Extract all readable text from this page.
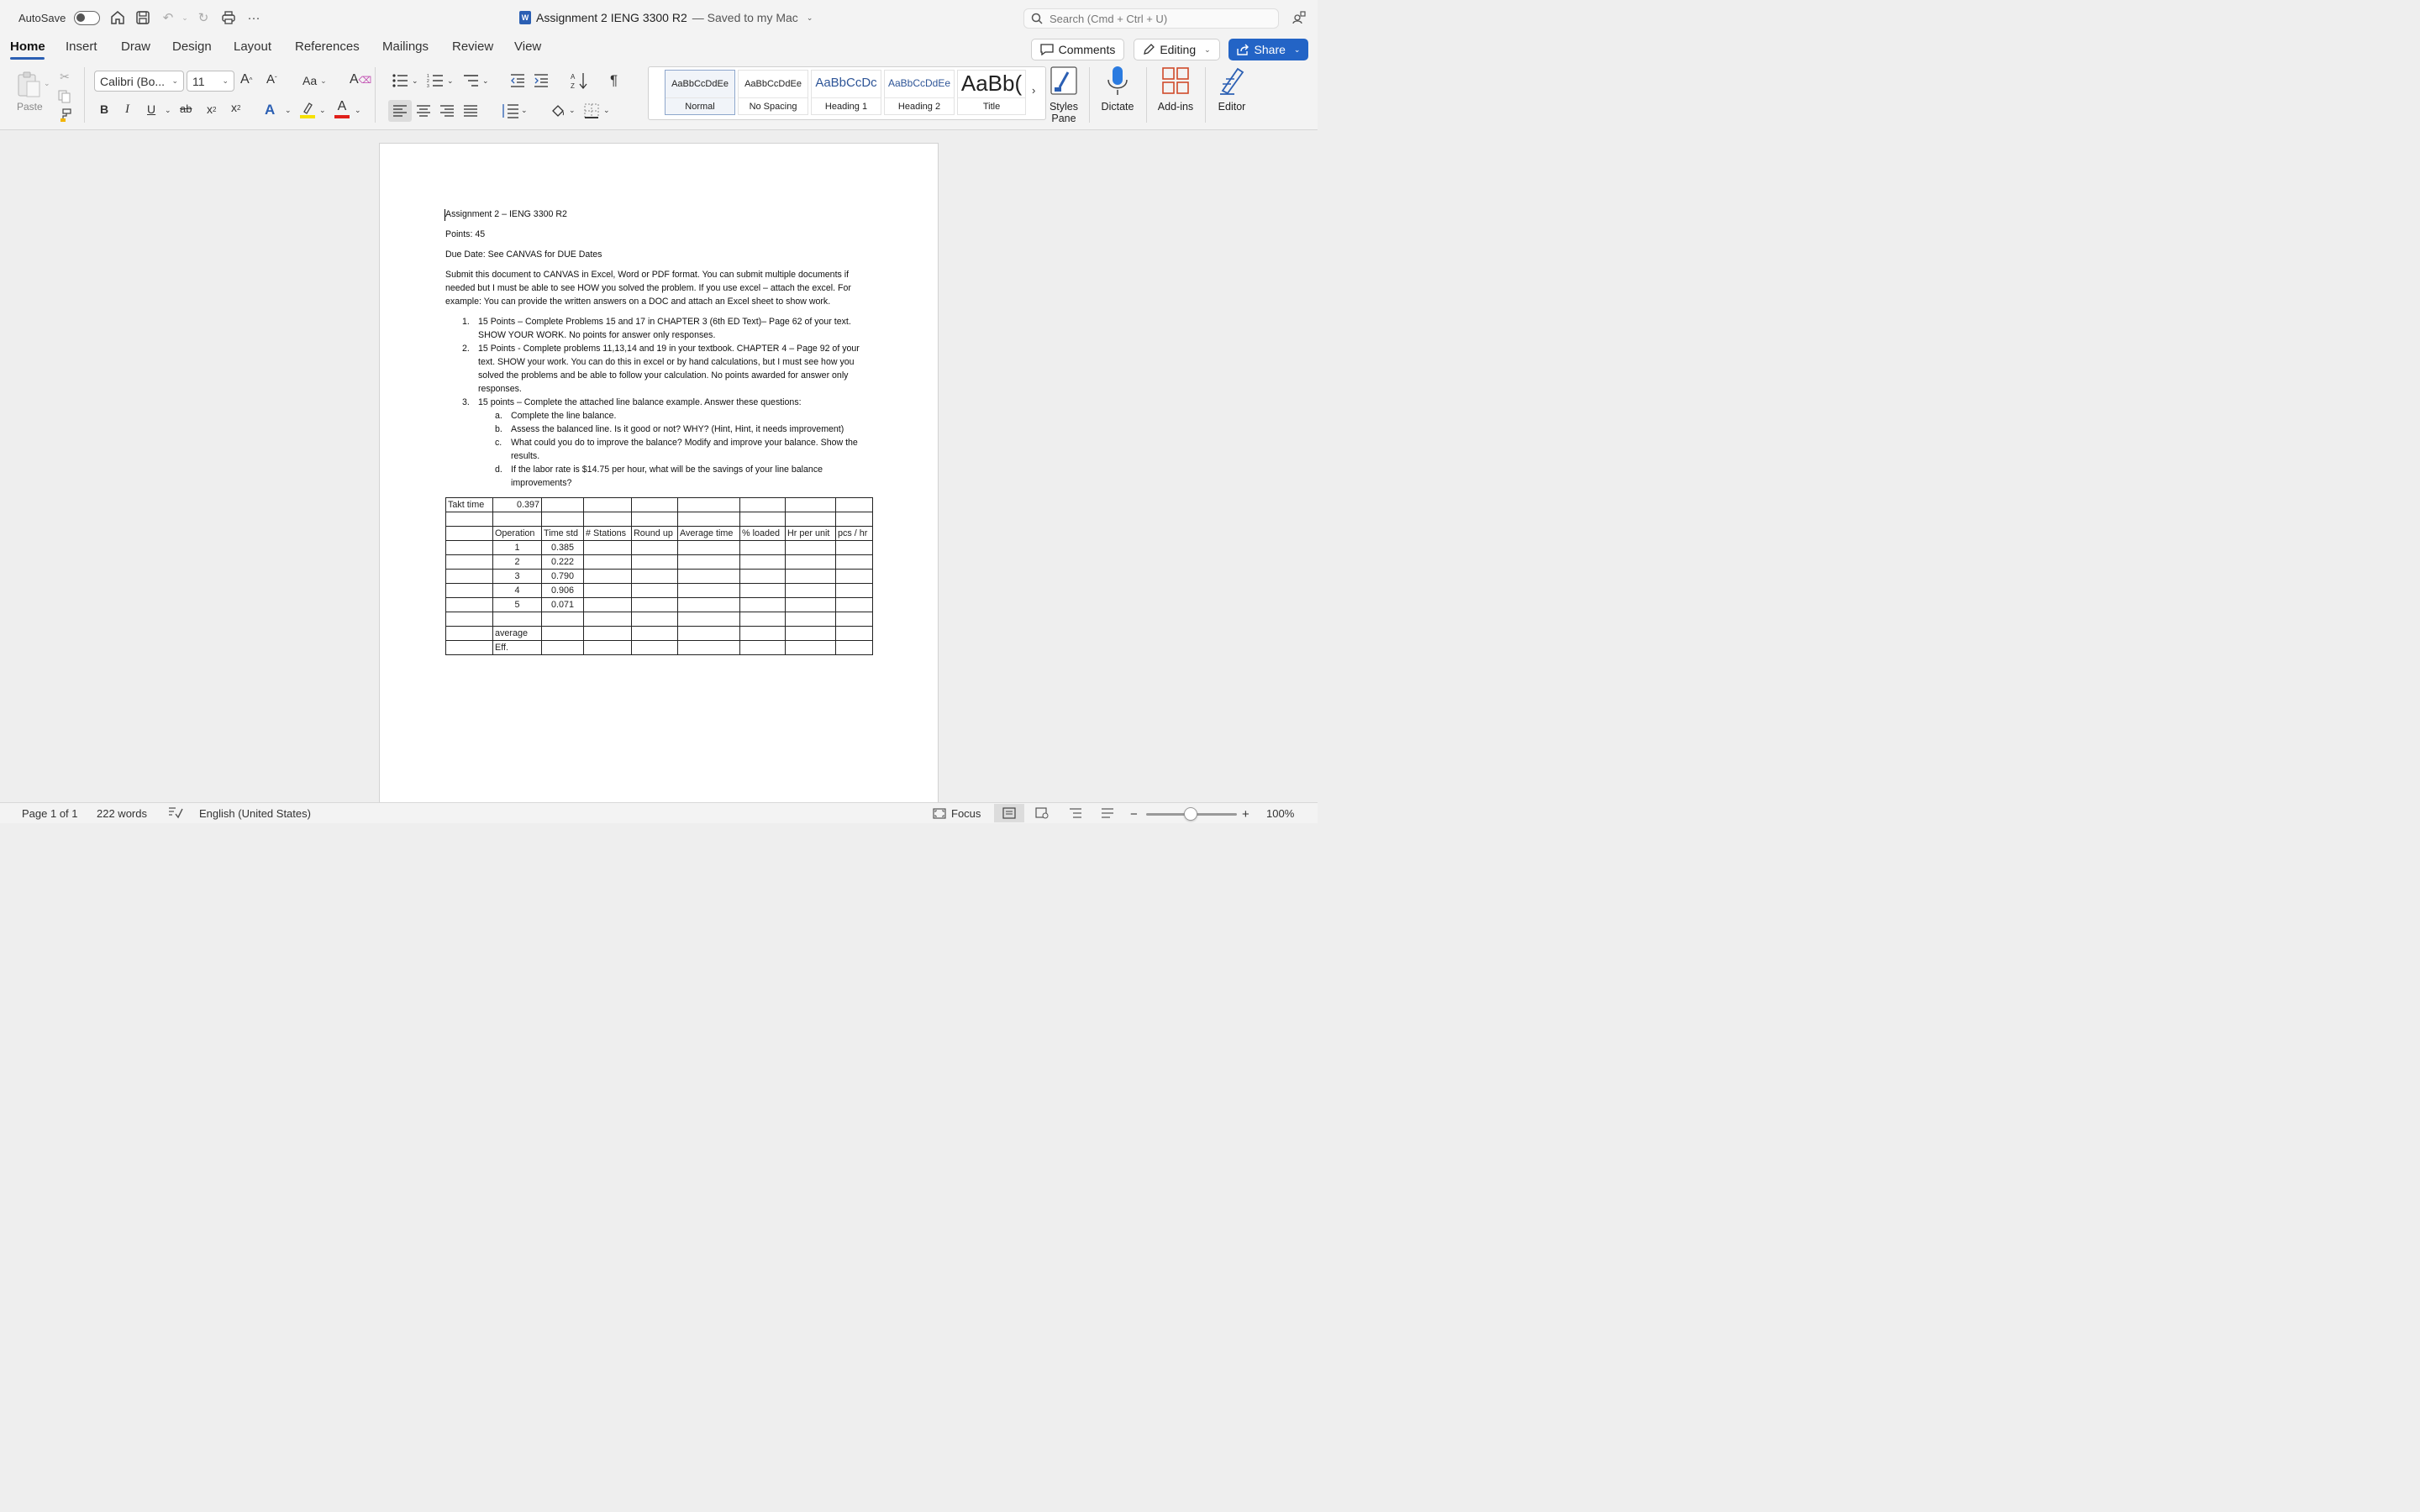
AutoSave	↶	⌄ ↻	···	W Assignment 2 IENG 3300 R2 — Saved to my Mac ⌄	Search (Cmd + Ctrl + U)
Home Insert Draw Design Layout References Mailings Review View	Comments	Editing ⌄	Share ⌄
⌄
Paste
✂	Calibri (Bo... ⌄ 11 ⌄ A ^ A ˇ Aa ⌄ A ⌫
B I U ⌄ ab x 2 x 2 A ⌄	⌄ A ⌄
⌄ 1
2
3
⌄	⌄	A
Z ¶
⌄	⌄	⌄
AaBbCcDdEe
Normal
AaBbCcDdEe
No Spacing
AaBbCcDc
Heading 1
AaBbCcDdEe
Heading 2
AaBb(
Title
›
Styles
Pane
Dictate Add-ins Editor

Assignment 2 – IENG 3300 R2

Points: 45

Due Date: See CANVAS for DUE Dates

Submit this document to CANVAS in Excel, Word or PDF format. You can submit multiple documents if needed but I must be able to see HOW you solved the problem. If you use excel – attach the excel. For example: You can provide the written answers on a DOC and attach an Excel sheet to show work.

1. 15 Points – Complete Problems 15 and 17 in CHAPTER 3 (6th ED Text)– Page 62 of your text. SHOW YOUR WORK. No points for answer only responses.
2. 15 Points - Complete problems 11,13,14 and 19 in your textbook. CHAPTER 4 – Page 92 of your text. SHOW your work. You can do this in excel or by hand calculations, but I must see how you solved the problems and be able to follow your calculation. No points awarded for answer only responses.
3. 15 points – Complete the attached line balance example. Answer these questions:
a. Complete the line balance.
b. Assess the balanced line. Is it good or not? WHY? (Hint, Hint, it needs improvement)
c. What could you do to improve the balance? Modify and improve your balance. Show the results.
d. If the labor rate is $14.75 per hour, what will be the savings of your line balance improvements?
Takt time	0.397							

	Operation	Time std	# Stations	Round up	Average time	% loaded	Hr per unit	pcs / hr
	1	0.385						
	2	0.222						
	3	0.790						
	4	0.906						
	5	0.071						

	average							
	Eff.							
Page 1 of 1 222 words	English (United States)	Focus	−	+ 100%
